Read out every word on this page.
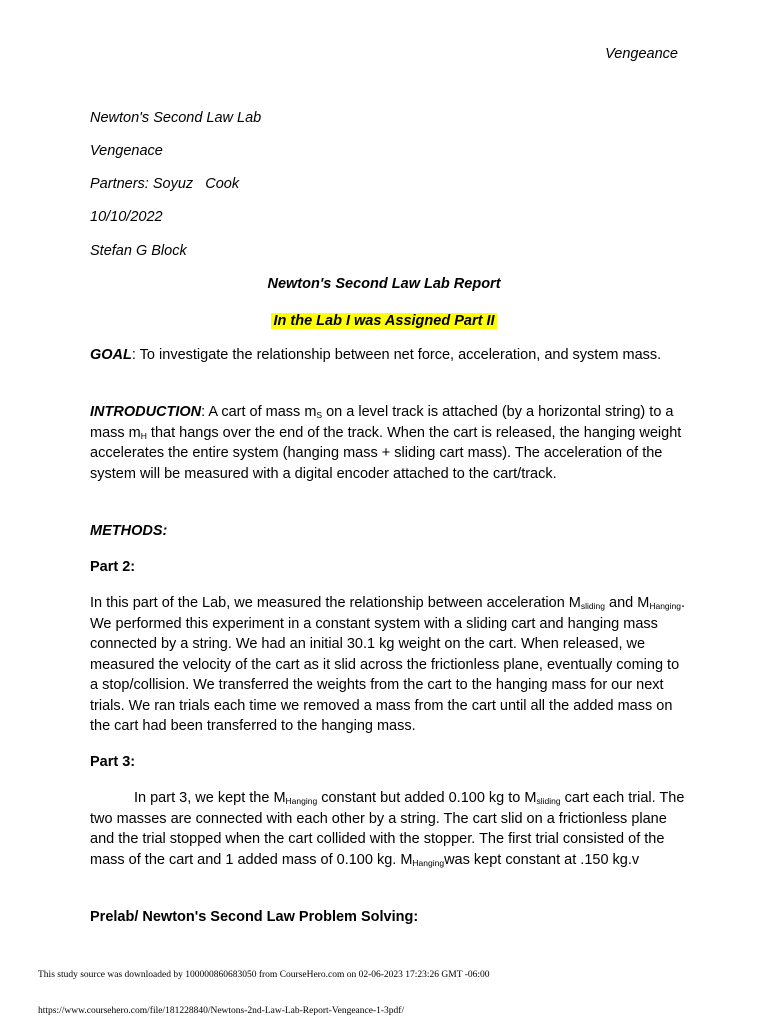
Vengeance
Newton's Second Law Lab
Vengenace
Partners: Soyuz   Cook
10/10/2022
Stefan G Block
Newton's Second Law Lab Report
In the Lab I was Assigned Part II
GOAL: To investigate the relationship between net force, acceleration, and system mass.
INTRODUCTION: A cart of mass $m_S$ on a level track is attached (by a horizontal string) to a mass $m_H$ that hangs over the end of the track. When the cart is released, the hanging weight accelerates the entire system (hanging mass + sliding cart mass). The acceleration of the system will be measured with a digital encoder attached to the cart/track.
METHODS:
Part 2:
In this part of the Lab, we measured the relationship between acceleration $M_{sliding}$ and $M_{Hanging}$. We performed this experiment in a constant system with a sliding cart and hanging mass connected by a string. We had an initial 30.1 kg weight on the cart. When released, we measured the velocity of the cart as it slid across the frictionless plane, eventually coming to a stop/collision. We transferred the weights from the cart to the hanging mass for our next trials. We ran trials each time we removed a mass from the cart until all the added mass on the cart had been transferred to the hanging mass.
Part 3:
In part 3, we kept the $M_{Hanging}$ constant but added 0.100 kg to $M_{sliding}$ cart each trial. The two masses are connected with each other by a string. The cart slid on a frictionless plane and the trial stopped when the cart collided with the stopper. The first trial consisted of the mass of the cart and 1 added mass of 0.100 kg. $M_{Hanging}was$ kept constant at .150 kg.v
Prelab/ Newton's Second Law Problem Solving:
This study source was downloaded by 100000860683050 from CourseHero.com on 02-06-2023 17:23:26 GMT -06:00
https://www.coursehero.com/file/181228840/Newtons-2nd-Law-Lab-Report-Vengeance-1-3pdf/
